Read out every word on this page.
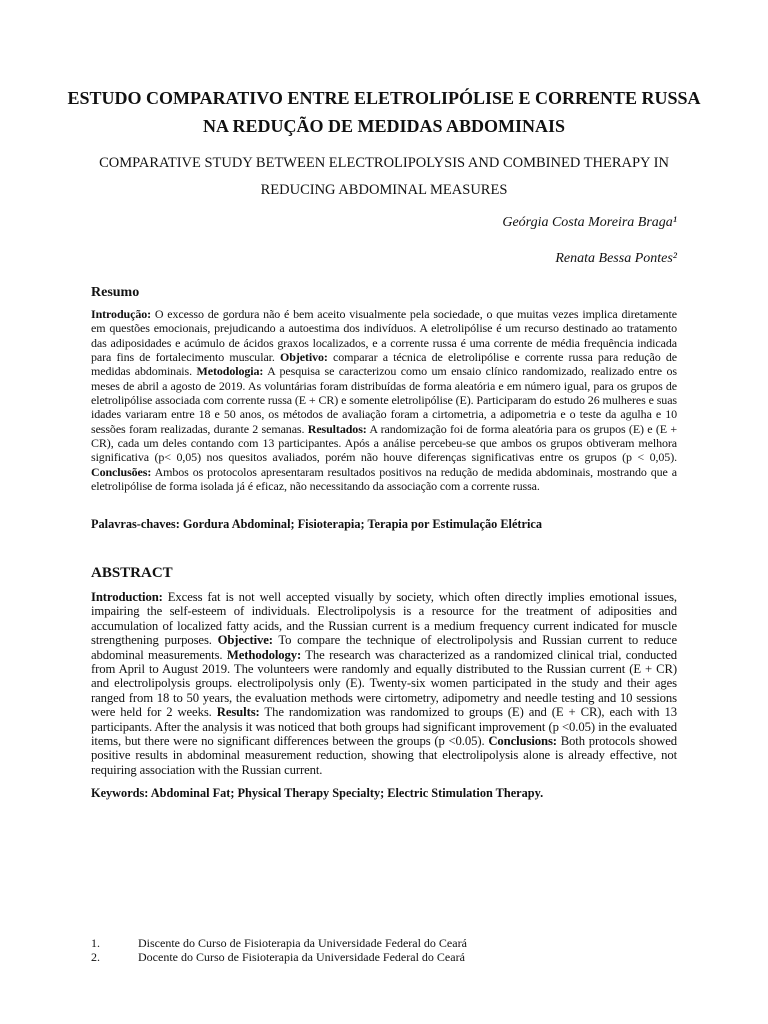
ESTUDO COMPARATIVO ENTRE ELETROLIPÓLISE E CORRENTE RUSSA NA REDUÇÃO DE MEDIDAS ABDOMINAIS
COMPARATIVE STUDY BETWEEN ELECTROLIPOLYSIS AND COMBINED THERAPY IN REDUCING ABDOMINAL MEASURES

Geórgia Costa Moreira Braga¹

Renata Bessa Pontes²

Resumo

Introdução: O excesso de gordura não é bem aceito visualmente pela sociedade, o que muitas vezes implica diretamente em questões emocionais, prejudicando a autoestima dos indivíduos. A eletrolipólise é um recurso destinado ao tratamento das adiposidades e acúmulo de ácidos graxos localizados, e a corrente russa é uma corrente de média frequência indicada para fins de fortalecimento muscular. Objetivo: comparar a técnica de eletrolipólise e corrente russa para redução de medidas abdominais. Metodologia: A pesquisa se caracterizou como um ensaio clínico randomizado, realizado entre os meses de abril a agosto de 2019. As voluntárias foram distribuídas de forma aleatória e em número igual, para os grupos de eletrolipólise associada com corrente russa (E + CR) e somente eletrolipólise (E). Participaram do estudo 26 mulheres e suas idades variaram entre 18 e 50 anos, os métodos de avaliação foram a cirtometria, a adipometria e o teste da agulha e 10 sessões foram realizadas, durante 2 semanas. Resultados: A randomização foi de forma aleatória para os grupos (E) e (E + CR), cada um deles contando com 13 participantes. Após a análise percebeu-se que ambos os grupos obtiveram melhora significativa (p< 0,05) nos quesitos avaliados, porém não houve diferenças significativas entre os grupos (p < 0,05). Conclusões: Ambos os protocolos apresentaram resultados positivos na redução de medida abdominais, mostrando que a eletrolipólise de forma isolada já é eficaz, não necessitando da associação com a corrente russa.

Palavras-chaves: Gordura Abdominal; Fisioterapia; Terapia por Estimulação Elétrica

ABSTRACT

Introduction: Excess fat is not well accepted visually by society, which often directly implies emotional issues, impairing the self-esteem of individuals. Electrolipolysis is a resource for the treatment of adiposities and accumulation of localized fatty acids, and the Russian current is a medium frequency current indicated for muscle strengthening purposes. Objective: To compare the technique of electrolipolysis and Russian current to reduce abdominal measurements. Methodology: The research was characterized as a randomized clinical trial, conducted from April to August 2019. The volunteers were randomly and equally distributed to the Russian current (E + CR) and electrolipolysis groups. electrolipolysis only (E). Twenty-six women participated in the study and their ages ranged from 18 to 50 years, the evaluation methods were cirtometry, adipometry and needle testing and 10 sessions were held for 2 weeks. Results: The randomization was randomized to groups (E) and (E + CR), each with 13 participants. After the analysis it was noticed that both groups had significant improvement (p <0.05) in the evaluated items, but there were no significant differences between the groups (p <0.05). Conclusions: Both protocols showed positive results in abdominal measurement reduction, showing that electrolipolysis alone is already effective, not requiring association with the Russian current.

Keywords: Abdominal Fat; Physical Therapy Specialty; Electric Stimulation Therapy.

1.	Discente do Curso de Fisioterapia da Universidade Federal do Ceará
2.	Docente do Curso de Fisioterapia da Universidade Federal do Ceará
